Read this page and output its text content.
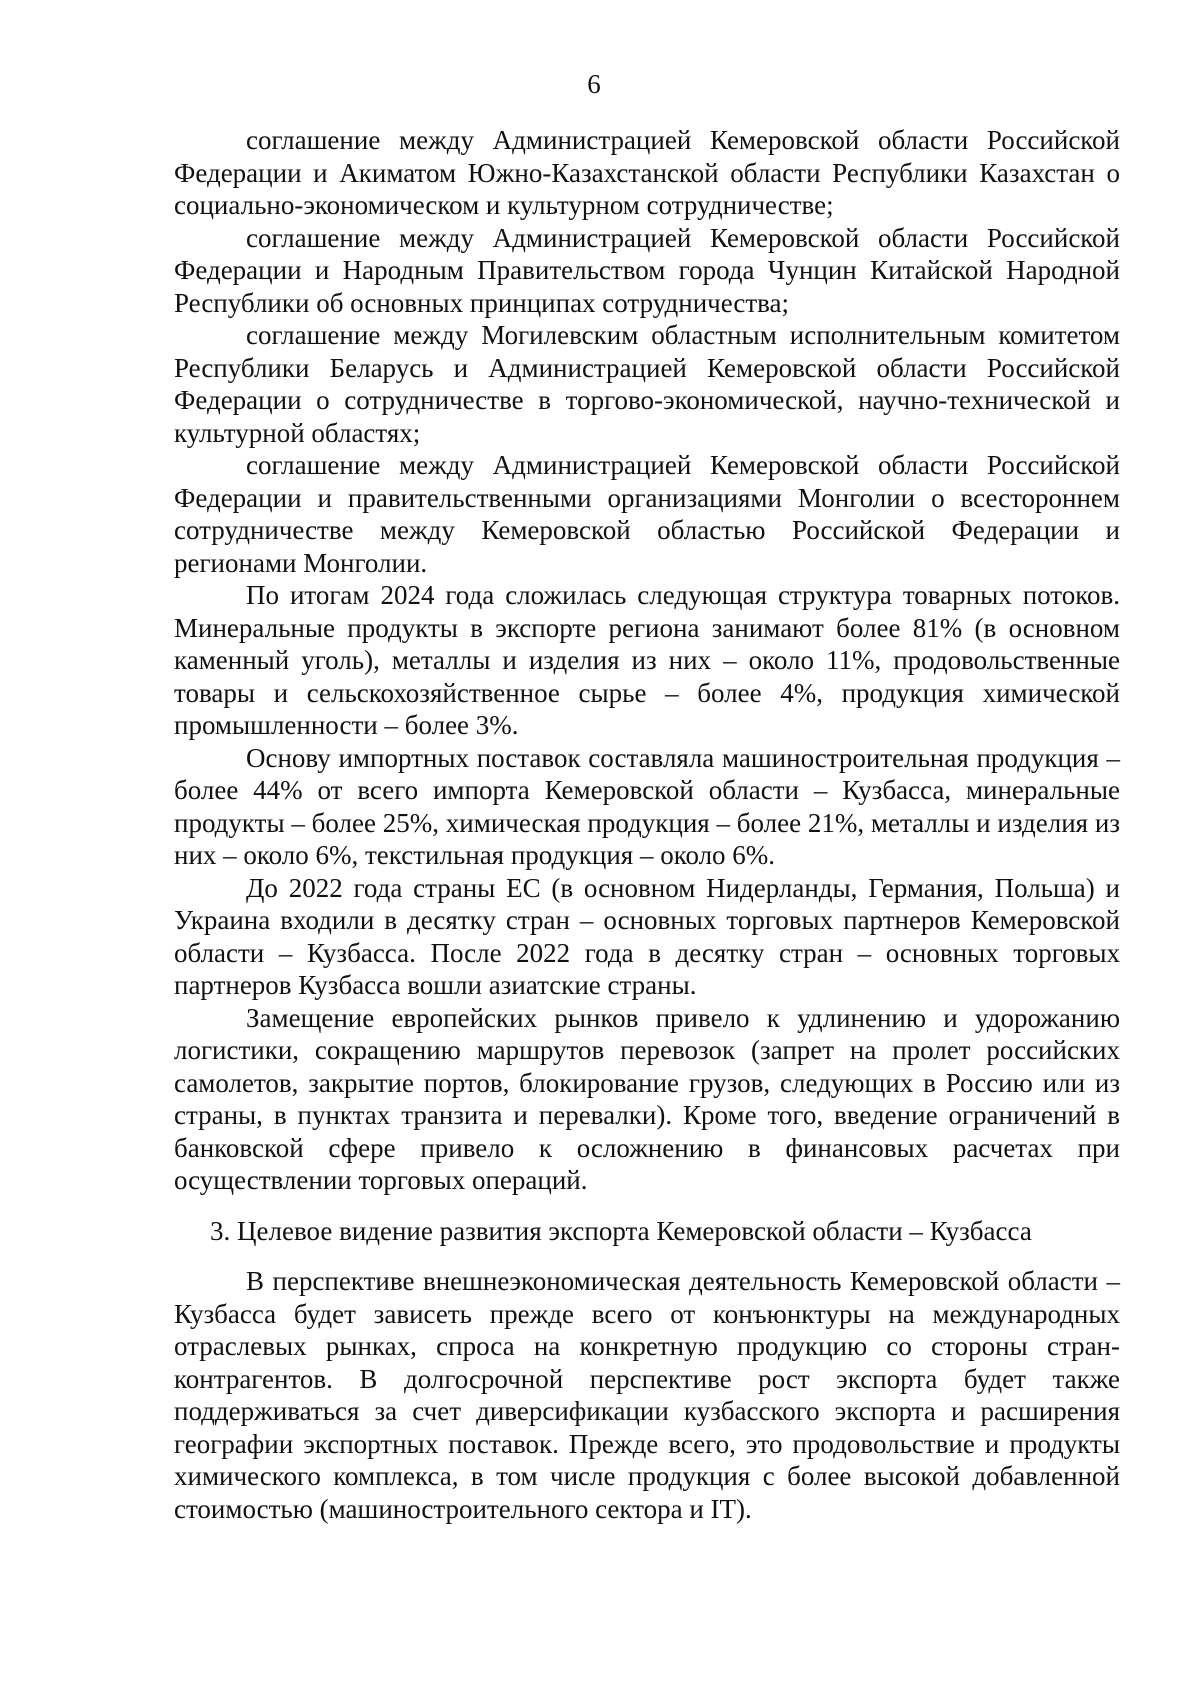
6

соглашение между Администрацией Кемеровской области Российской Федерации и Акиматом Южно-Казахстанской области Республики Казахстан о социально-экономическом и культурном сотрудничестве;

соглашение между Администрацией Кемеровской области Российской Федерации и Народным Правительством города Чунцин Китайской Народной Республики об основных принципах сотрудничества;

соглашение между Могилевским областным исполнительным комитетом Республики Беларусь и Администрацией Кемеровской области Российской Федерации о сотрудничестве в торгово-экономической, научно-технической и культурной областях;

соглашение между Администрацией Кемеровской области Российской Федерации и правительственными организациями Монголии о всестороннем сотрудничестве между Кемеровской областью Российской Федерации и регионами Монголии.

По итогам 2024 года сложилась следующая структура товарных потоков. Минеральные продукты в экспорте региона занимают более 81% (в основном каменный уголь), металлы и изделия из них – около 11%, продовольственные товары и сельскохозяйственное сырье – более 4%, продукция химической промышленности – более 3%.

Основу импортных поставок составляла машиностроительная продукция – более 44% от всего импорта Кемеровской области – Кузбасса, минеральные продукты – более 25%, химическая продукция – более 21%, металлы и изделия из них – около 6%, текстильная продукция – около 6%.

До 2022 года страны ЕС (в основном Нидерланды, Германия, Польша) и Украина входили в десятку стран – основных торговых партнеров Кемеровской области – Кузбасса. После 2022 года в десятку стран – основных торговых партнеров Кузбасса вошли азиатские страны.

Замещение европейских рынков привело к удлинению и удорожанию логистики, сокращению маршрутов перевозок (запрет на пролет российских самолетов, закрытие портов, блокирование грузов, следующих в Россию или из страны, в пунктах транзита и перевалки). Кроме того, введение ограничений в банковской сфере привело к осложнению в финансовых расчетах при осуществлении торговых операций.

3. Целевое видение развития экспорта Кемеровской области – Кузбасса

В перспективе внешнеэкономическая деятельность Кемеровской области – Кузбасса будет зависеть прежде всего от конъюнктуры на международных отраслевых рынках, спроса на конкретную продукцию со стороны стран-контрагентов. В долгосрочной перспективе рост экспорта будет также поддерживаться за счет диверсификации кузбасского экспорта и расширения географии экспортных поставок. Прежде всего, это продовольствие и продукты химического комплекса, в том числе продукция с более высокой добавленной стоимостью (машиностроительного сектора и IT).
